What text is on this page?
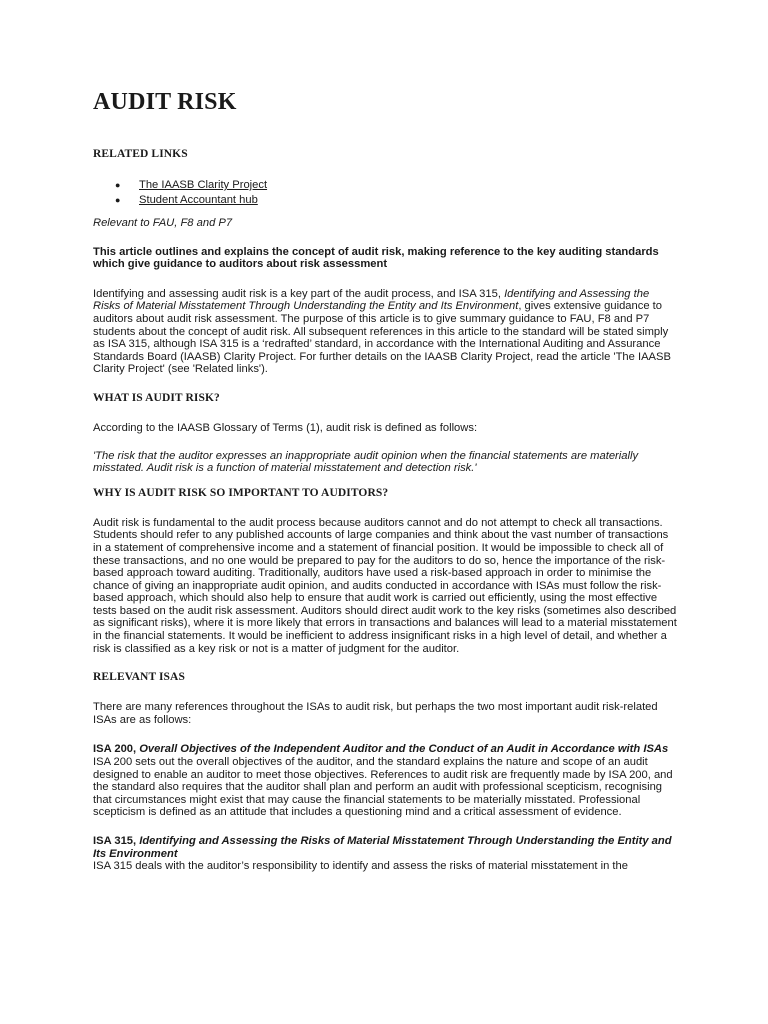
AUDIT RISK
RELATED LINKS
● The IAASB Clarity Project
● Student Accountant hub

Relevant to FAU, F8 and P7

This article outlines and explains the concept of audit risk, making reference to the key auditing standards which give guidance to auditors about risk assessment

Identifying and assessing audit risk is a key part of the audit process, and ISA 315, Identifying and Assessing the Risks of Material Misstatement Through Understanding the Entity and Its Environment, gives extensive guidance to auditors about audit risk assessment. The purpose of this article is to give summary guidance to FAU, F8 and P7 students about the concept of audit risk. All subsequent references in this article to the standard will be stated simply as ISA 315, although ISA 315 is a ‘redrafted’ standard, in accordance with the International Auditing and Assurance Standards Board (IAASB) Clarity Project. For further details on the IAASB Clarity Project, read the article 'The IAASB Clarity Project' (see 'Related links').

WHAT IS AUDIT RISK?

According to the IAASB Glossary of Terms (1), audit risk is defined as follows:

'The risk that the auditor expresses an inappropriate audit opinion when the financial statements are materially misstated. Audit risk is a function of material misstatement and detection risk.'

WHY IS AUDIT RISK SO IMPORTANT TO AUDITORS?

Audit risk is fundamental to the audit process because auditors cannot and do not attempt to check all transactions. Students should refer to any published accounts of large companies and think about the vast number of transactions in a statement of comprehensive income and a statement of financial position. It would be impossible to check all of these transactions, and no one would be prepared to pay for the auditors to do so, hence the importance of the risk-based approach toward auditing. Traditionally, auditors have used a risk-based approach in order to minimise the chance of giving an inappropriate audit opinion, and audits conducted in accordance with ISAs must follow the risk-based approach, which should also help to ensure that audit work is carried out efficiently, using the most effective tests based on the audit risk assessment. Auditors should direct audit work to the key risks (sometimes also described as significant risks), where it is more likely that errors in transactions and balances will lead to a material misstatement in the financial statements. It would be inefficient to address insignificant risks in a high level of detail, and whether a risk is classified as a key risk or not is a matter of judgment for the auditor.

RELEVANT ISAS

There are many references throughout the ISAs to audit risk, but perhaps the two most important audit risk-related ISAs are as follows:

ISA 200, Overall Objectives of the Independent Auditor and the Conduct of an Audit in Accordance with ISAs

ISA 200 sets out the overall objectives of the auditor, and the standard explains the nature and scope of an audit designed to enable an auditor to meet those objectives. References to audit risk are frequently made by ISA 200, and the standard also requires that the auditor shall plan and perform an audit with professional scepticism, recognising that circumstances might exist that may cause the financial statements to be materially misstated. Professional scepticism is defined as an attitude that includes a questioning mind and a critical assessment of evidence.

ISA 315, Identifying and Assessing the Risks of Material Misstatement Through Understanding the Entity and Its Environment

ISA 315 deals with the auditor’s responsibility to identify and assess the risks of material misstatement in the
